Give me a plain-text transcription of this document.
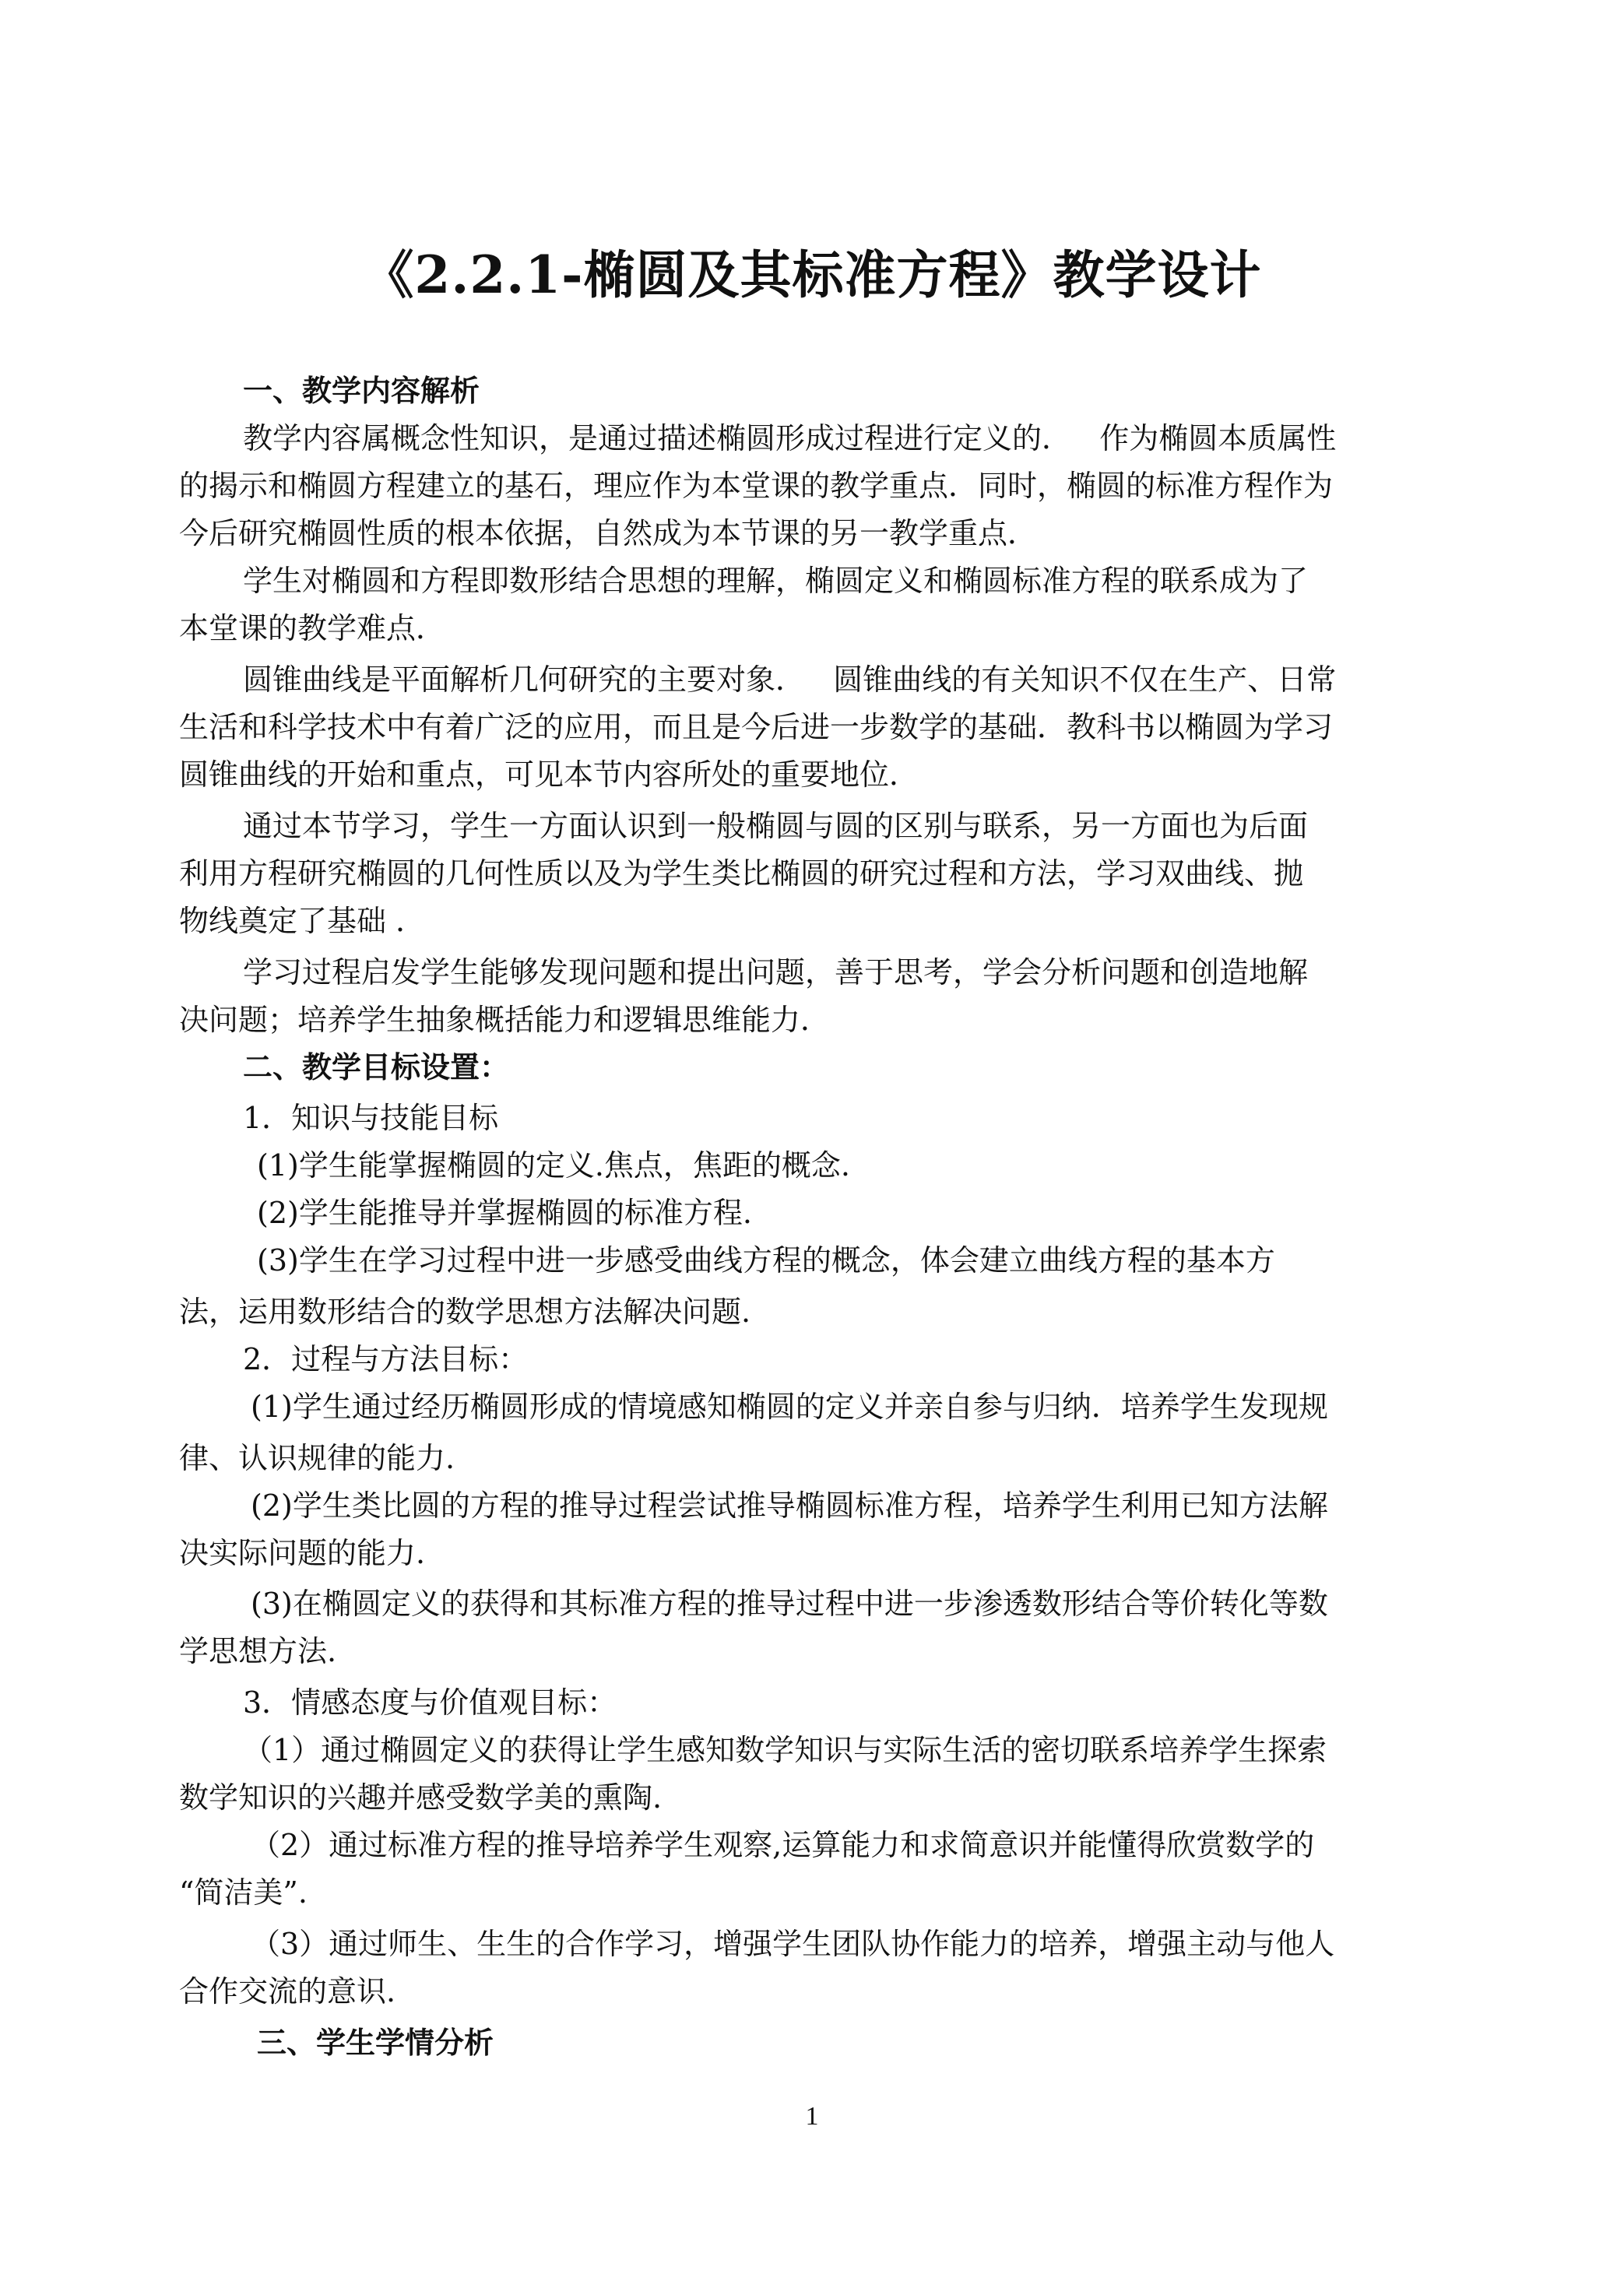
《2.2.1-椭圆及其标准方程》教学设计
一、教学内容解析
教学内容属概念性知识，是通过描述椭圆形成过程进行定义的．   作为椭圆本质属性
的揭示和椭圆方程建立的基石，理应作为本堂课的教学重点．同时，椭圆的标准方程作为
今后研究椭圆性质的根本依据，自然成为本节课的另一教学重点．
学生对椭圆和方程即数形结合思想的理解，椭圆定义和椭圆标准方程的联系成为了
本堂课的教学难点．
圆锥曲线是平面解析几何研究的主要对象．   圆锥曲线的有关知识不仅在生产、日常
生活和科学技术中有着广泛的应用，而且是今后进一步数学的基础．教科书以椭圆为学习
圆锥曲线的开始和重点，可见本节内容所处的重要地位．
通过本节学习，学生一方面认识到一般椭圆与圆的区别与联系，另一方面也为后面
利用方程研究椭圆的几何性质以及为学生类比椭圆的研究过程和方法，学习双曲线、抛
物线奠定了基础 ．
学习过程启发学生能够发现问题和提出问题，善于思考，学会分析问题和创造地解
决问题；培养学生抽象概括能力和逻辑思维能力．
二、教学目标设置：
1．知识与技能目标
(1)学生能掌握椭圆的定义.焦点，焦距的概念.
(2)学生能推导并掌握椭圆的标准方程.
(3)学生在学习过程中进一步感受曲线方程的概念，体会建立曲线方程的基本方
法，运用数形结合的数学思想方法解决问题.
2．过程与方法目标：
(1)学生通过经历椭圆形成的情境感知椭圆的定义并亲自参与归纳．培养学生发现规
律、认识规律的能力.
(2)学生类比圆的方程的推导过程尝试推导椭圆标准方程，培养学生利用已知方法解
决实际问题的能力.
(3)在椭圆定义的获得和其标准方程的推导过程中进一步渗透数形结合等价转化等数
学思想方法.
3．情感态度与价值观目标：
（1）通过椭圆定义的获得让学生感知数学知识与实际生活的密切联系培养学生探索
数学知识的兴趣并感受数学美的熏陶.
（2）通过标准方程的推导培养学生观察,运算能力和求简意识并能懂得欣赏数学的
“简洁美”.
（3）通过师生、生生的合作学习，增强学生团队协作能力的培养，增强主动与他人
合作交流的意识.
三、学生学情分析
1
